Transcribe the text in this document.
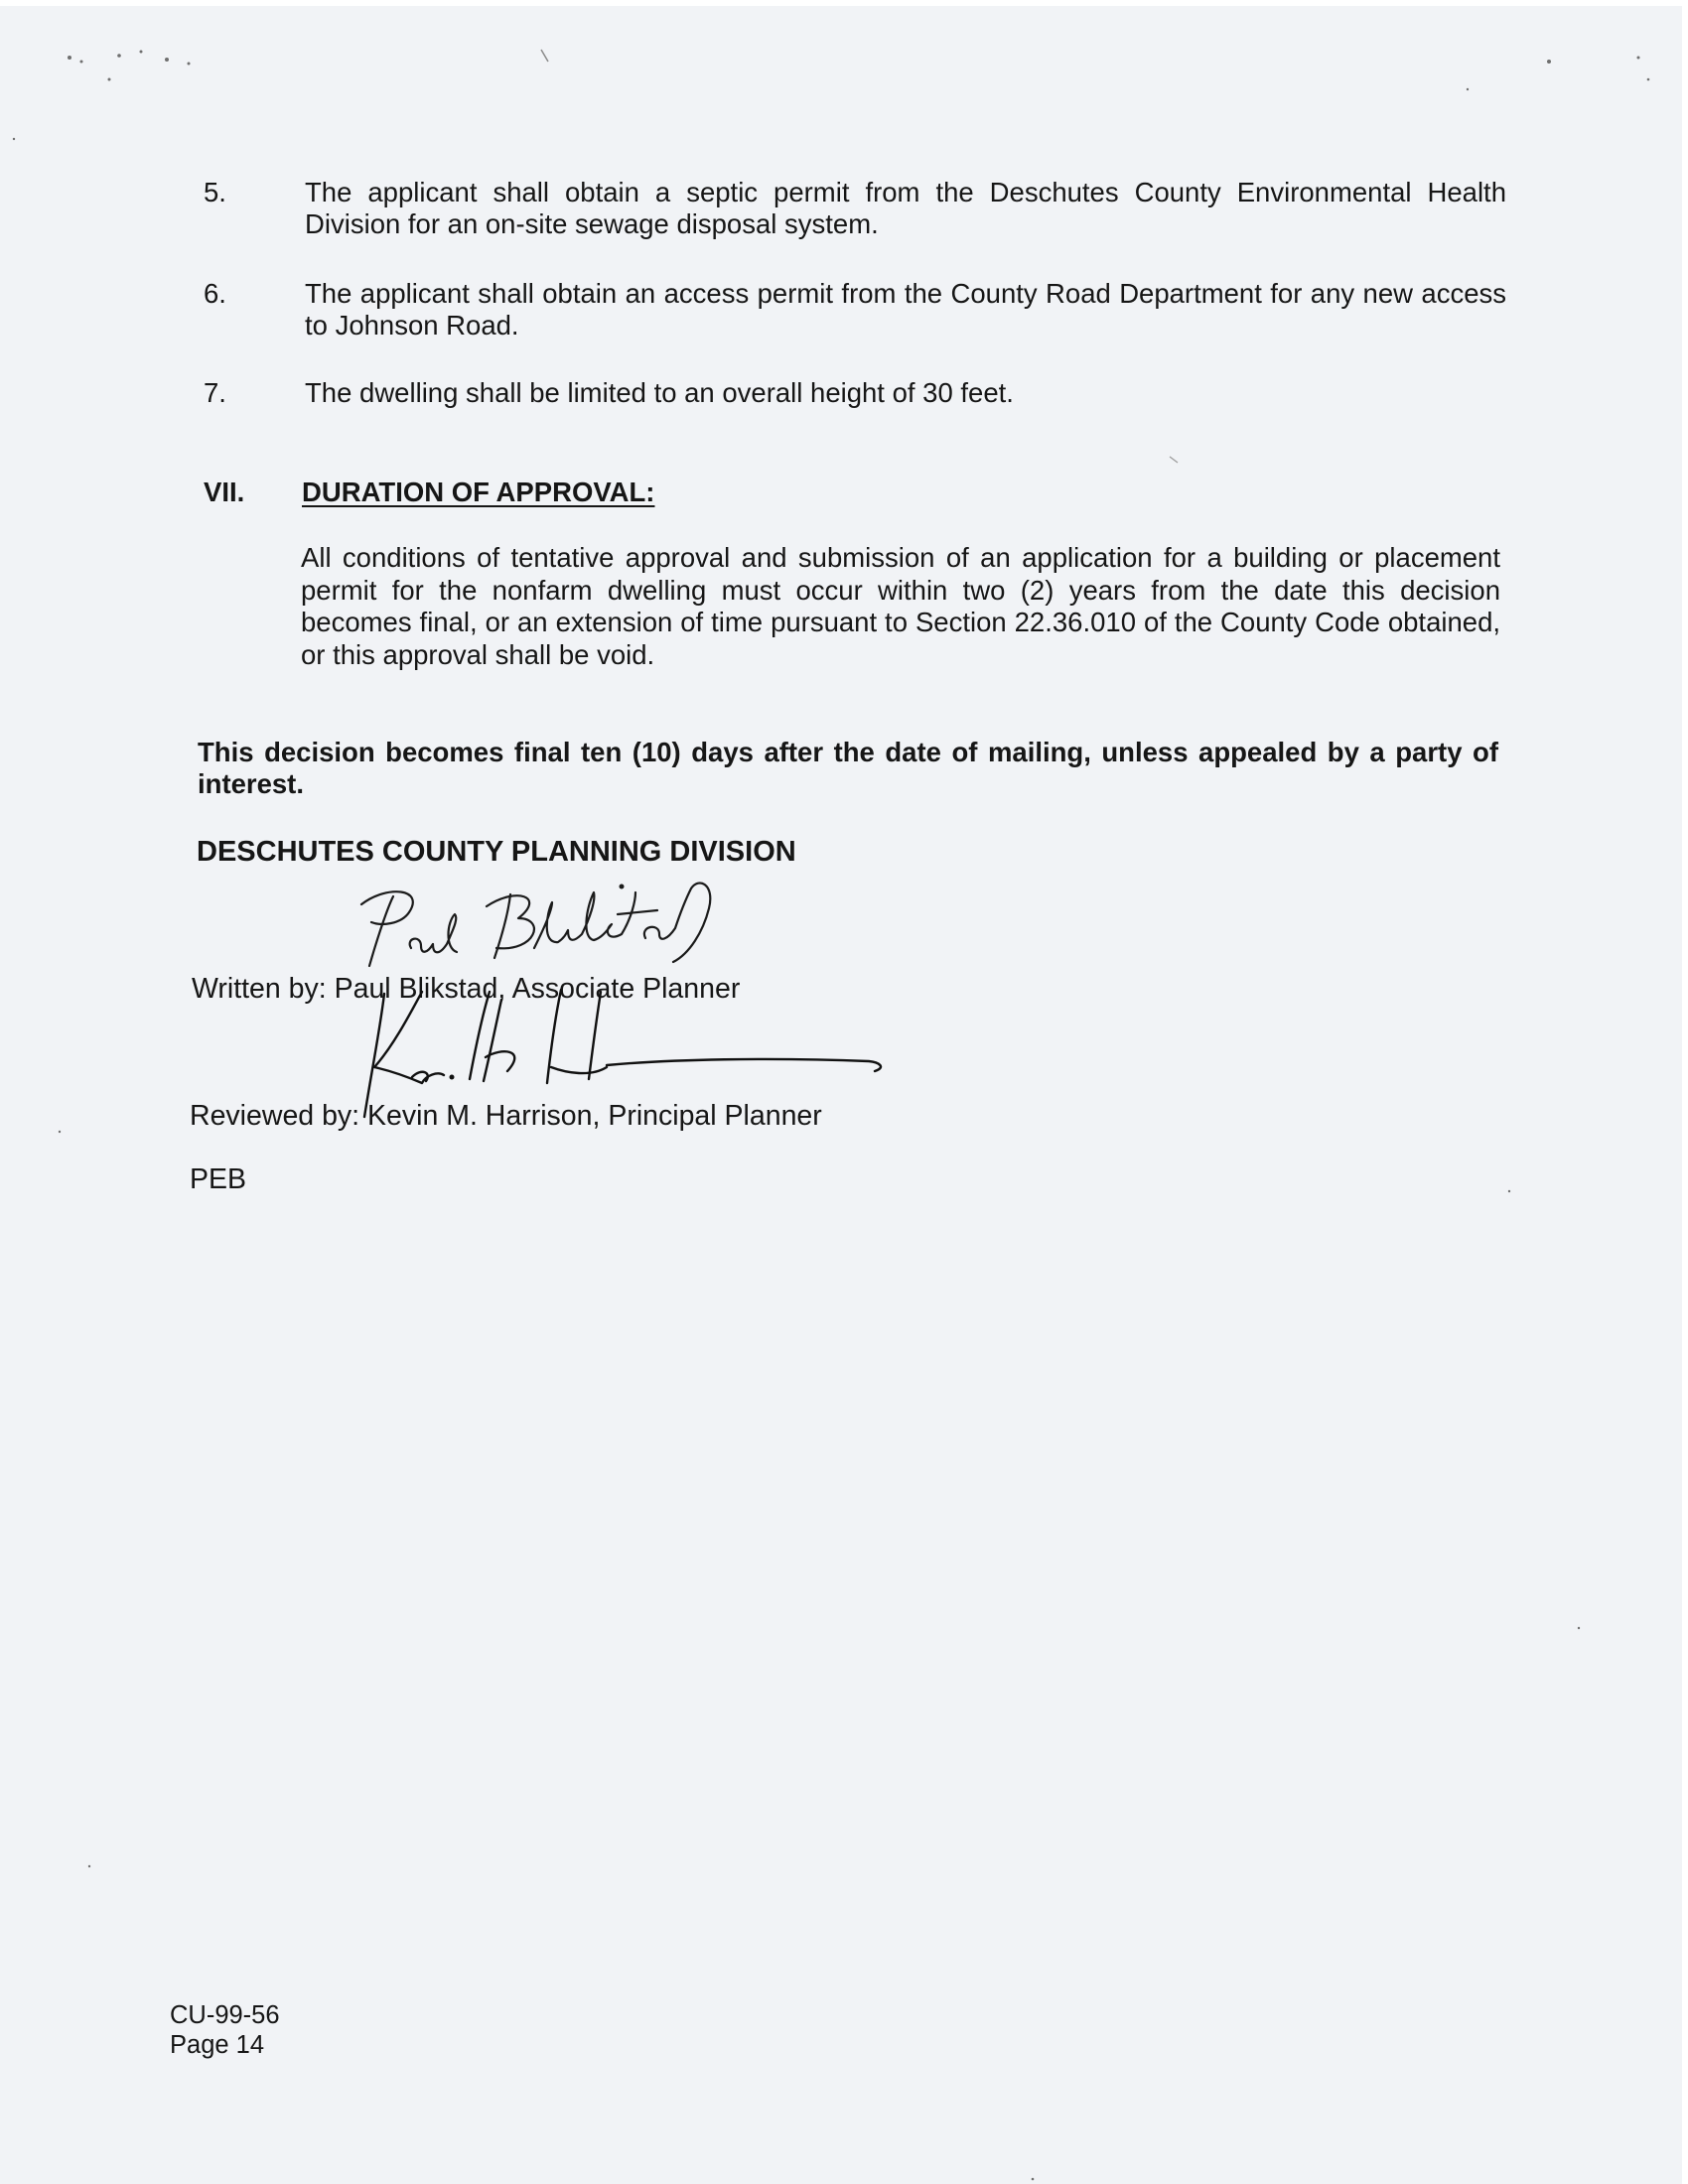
5.	The applicant shall obtain a septic permit from the Deschutes County Environmental Health Division for an on-site sewage disposal system.
6.	The applicant shall obtain an access permit from the County Road Department for any new access to Johnson Road.
7.	The dwelling shall be limited to an overall height of 30 feet.
VII. DURATION OF APPROVAL:
All conditions of tentative approval and submission of an application for a building or placement permit for the nonfarm dwelling must occur within two (2) years from the date this decision becomes final, or an extension of time pursuant to Section 22.36.010 of the County Code obtained, or this approval shall be void.
This decision becomes final ten (10) days after the date of mailing, unless appealed by a party of interest.
DESCHUTES COUNTY PLANNING DIVISION
Written by: Paul Blikstad, Associate Planner
Reviewed by: Kevin M. Harrison, Principal Planner
PEB
CU-99-56
Page 14
